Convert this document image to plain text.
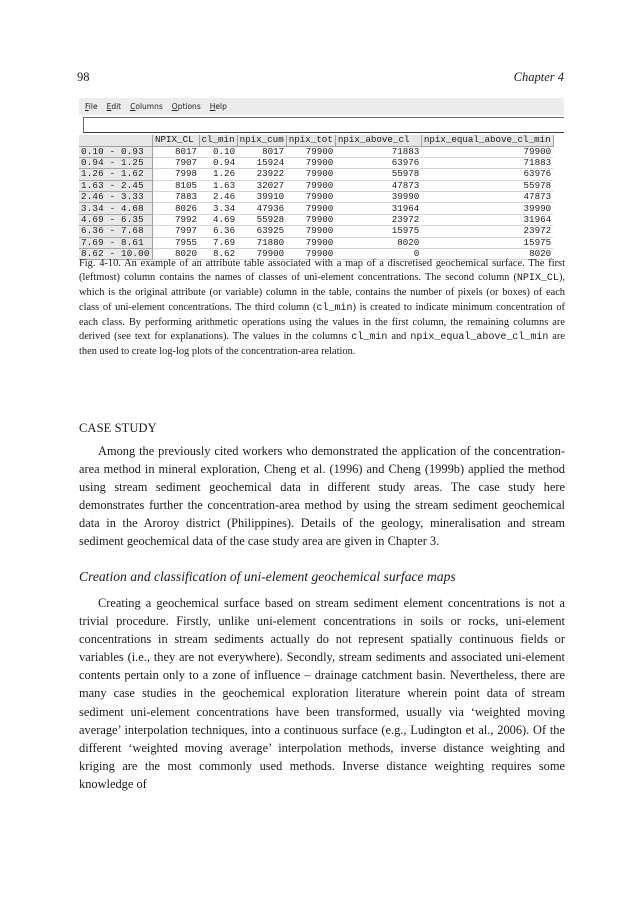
98	Chapter 4
File Edit Columns Options Help
	NPIX_CL	cl_min	npix_cum	npix_tot	npix_above_cl	npix_equal_above_cl_min
0.10 - 0.93	8017	0.10	8017	79900	71883	79900
0.94 - 1.25	7907	0.94	15924	79900	63976	71883
1.26 - 1.62	7998	1.26	23922	79900	55978	63976
1.63 - 2.45	8105	1.63	32027	79900	47873	55978
2.46 - 3.33	7883	2.46	39910	79900	39990	47873
3.34 - 4.68	8026	3.34	47936	79900	31964	39990
4.69 - 6.35	7992	4.69	55928	79900	23972	31964
6.36 - 7.68	7997	6.36	63925	79900	15975	23972
7.69 - 8.61	7955	7.69	71880	79900	8020	15975
8.62 - 10.00	8020	8.62	79900	79900	0	8020
Fig. 4-10. An example of an attribute table associated with a map of a discretised geochemical surface. The first (leftmost) column contains the names of classes of uni-element concentrations. The second column (NPIX_CL), which is the original attribute (or variable) column in the table, contains the number of pixels (or boxes) of each class of uni-element concentrations. The third column (cl_min) is created to indicate minimum concentration of each class. By performing arithmetic operations using the values in the first column, the remaining columns are derived (see text for explanations). The values in the columns cl_min and npix_equal_above_cl_min are then used to create log-log plots of the concentration-area relation.
CASE STUDY

Among the previously cited workers who demonstrated the application of the concentration-area method in mineral exploration, Cheng et al. (1996) and Cheng (1999b) applied the method using stream sediment geochemical data in different study areas. The case study here demonstrates further the concentration-area method by using the stream sediment geochemical data in the Aroroy district (Philippines). Details of the geology, mineralisation and stream sediment geochemical data of the case study area are given in Chapter 3.

Creation and classification of uni-element geochemical surface maps

Creating a geochemical surface based on stream sediment element concentrations is not a trivial procedure. Firstly, unlike uni-element concentrations in soils or rocks, uni-element concentrations in stream sediments actually do not represent spatially continuous fields or variables (i.e., they are not everywhere). Secondly, stream sediments and associated uni-element contents pertain only to a zone of influence – drainage catchment basin. Nevertheless, there are many case studies in the geochemical exploration literature wherein point data of stream sediment uni-element concentrations have been transformed, usually via ‘weighted moving average’ interpolation techniques, into a continuous surface (e.g., Ludington et al., 2006). Of the different ‘weighted moving average’ interpolation methods, inverse distance weighting and kriging are the most commonly used methods. Inverse distance weighting requires some knowledge of
